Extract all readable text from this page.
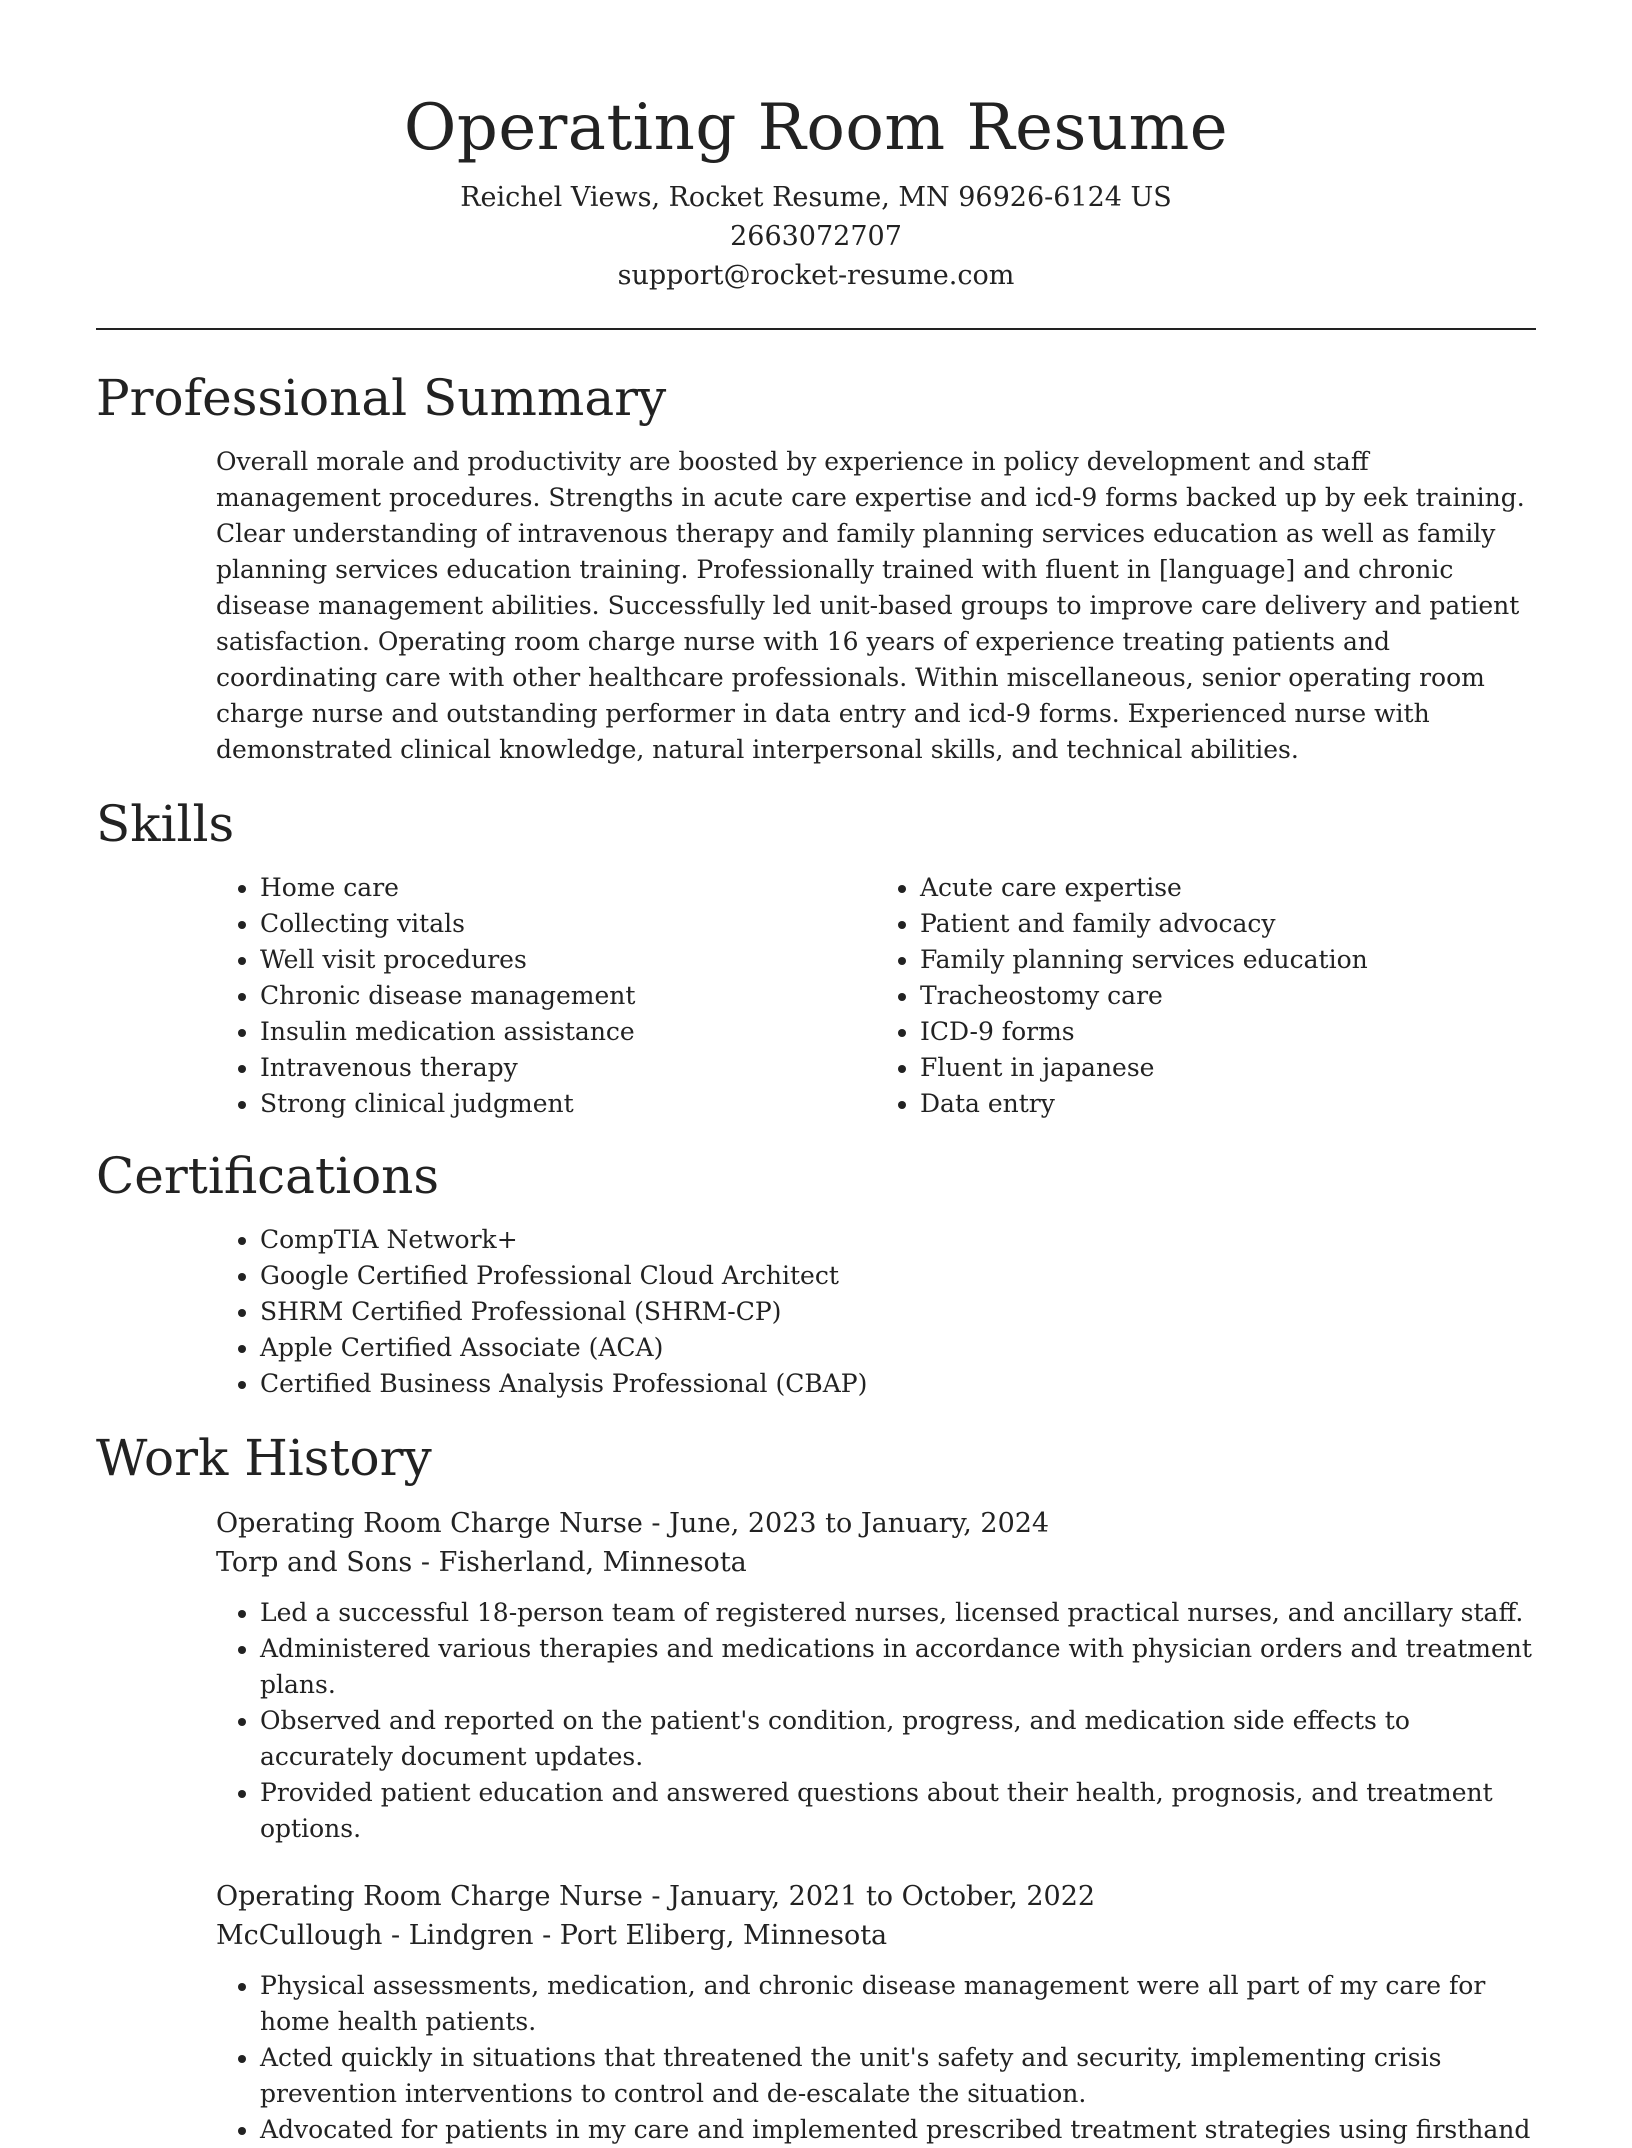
Operating Room Resume

Reichel Views, Rocket Resume, MN 96926-6124 US

2663072707

support@rocket-resume.com

Professional Summary

Overall morale and productivity are boosted by experience in policy development and staff management procedures. Strengths in acute care expertise and icd-9 forms backed up by eek training. Clear understanding of intravenous therapy and family planning services education as well as family planning services education training. Professionally trained with fluent in [language] and chronic disease management abilities. Successfully led unit-based groups to improve care delivery and patient satisfaction. Operating room charge nurse with 16 years of experience treating patients and coordinating care with other healthcare professionals. Within miscellaneous, senior operating room charge nurse and outstanding performer in data entry and icd-9 forms. Experienced nurse with demonstrated clinical knowledge, natural interpersonal skills, and technical abilities.

Skills
• Home care
• Collecting vitals
• Well visit procedures
• Chronic disease management
• Insulin medication assistance
• Intravenous therapy
• Strong clinical judgment
• Acute care expertise
• Patient and family advocacy
• Family planning services education
• Tracheostomy care
• ICD-9 forms
• Fluent in japanese
• Data entry
Certifications
• CompTIA Network+
• Google Certified Professional Cloud Architect
• SHRM Certified Professional (SHRM-CP)
• Apple Certified Associate (ACA)
• Certified Business Analysis Professional (CBAP)
Work History

Operating Room Charge Nurse - June, 2023 to January, 2024

Torp and Sons - Fisherland, Minnesota

• Led a successful 18-person team of registered nurses, licensed practical nurses, and ancillary staff.
• Administered various therapies and medications in accordance with physician orders and treatment plans.
• Observed and reported on the patient's condition, progress, and medication side effects to accurately document updates.
• Provided patient education and answered questions about their health, prognosis, and treatment options.

Operating Room Charge Nurse - January, 2021 to October, 2022

McCullough - Lindgren - Port Eliberg, Minnesota

• Physical assessments, medication, and chronic disease management were all part of my care for home health patients.
• Acted quickly in situations that threatened the unit's safety and security, implementing crisis prevention interventions to control and de-escalate the situation.
• Advocated for patients in my care and implemented prescribed treatment strategies using firsthand
